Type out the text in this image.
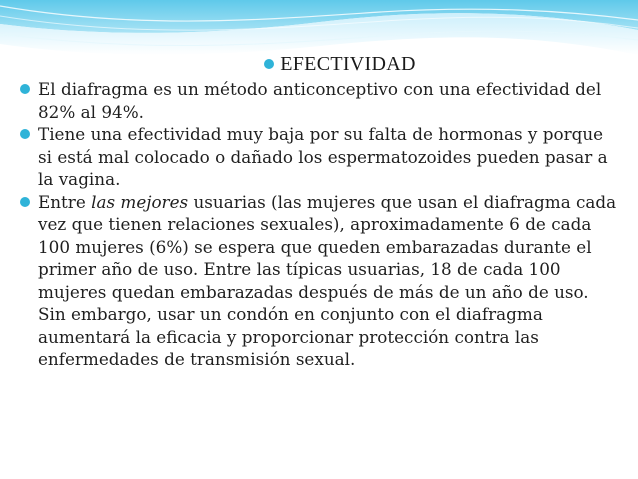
EFECTIVIDAD
El diafragma es un método anticonceptivo con una efectividad del 82% al 94%.
Tiene una efectividad muy baja por su falta de hormonas y porque si está mal colocado o dañado los espermatozoides pueden pasar a la vagina.
Entre las mejores usuarias (las mujeres que usan el diafragma cada vez que tienen relaciones sexuales), aproximadamente 6 de cada 100 mujeres (6%) se espera que queden embarazadas durante el primer año de uso. Entre las típicas usuarias, 18 de cada 100 mujeres quedan embarazadas después de más de un año de uso. Sin embargo, usar un condón en conjunto con el diafragma aumentará la eficacia y proporcionar protección contra las enfermedades de transmisión sexual.
